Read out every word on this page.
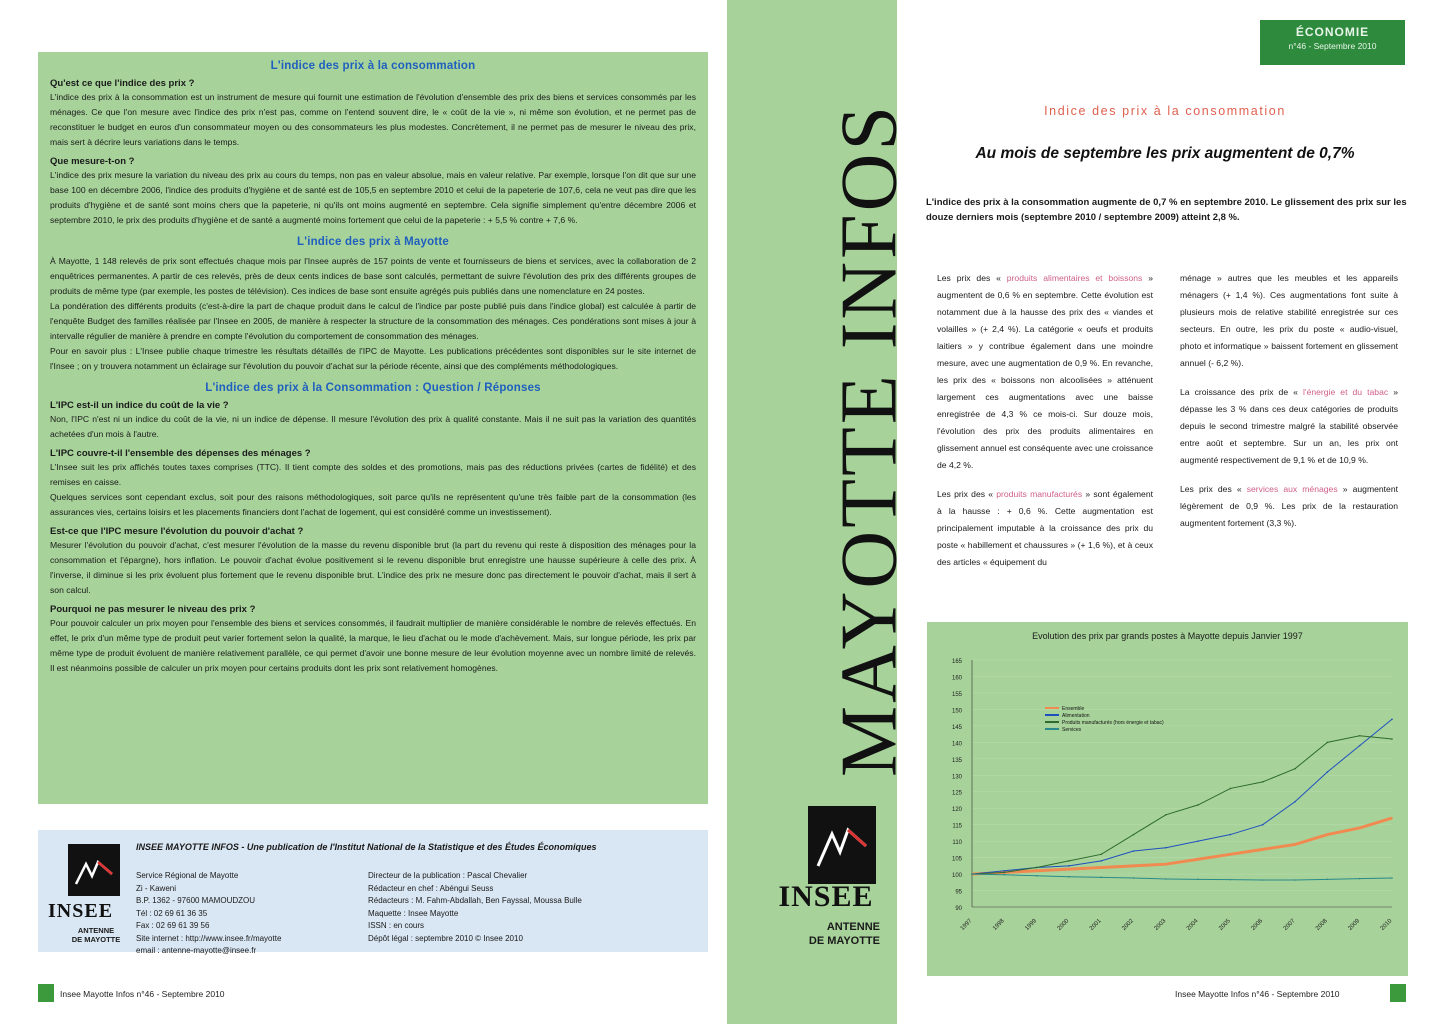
L'indice des prix à la consommation
Qu'est ce que l'indice des prix ?

L'indice des prix à la consommation est un instrument de mesure qui fournit une estimation de l'évolution d'ensemble des prix des biens et services consommés par les ménages. Ce que l'on mesure avec l'indice des prix n'est pas, comme on l'entend souvent dire, le « coût de la vie », ni même son évolution, et ne permet pas de reconstituer le budget en euros d'un consommateur moyen ou des consommateurs les plus modestes. Concrètement, il ne permet pas de mesurer le niveau des prix, mais sert à décrire leurs variations dans le temps.

Que mesure-t-on ?

L'indice des prix mesure la variation du niveau des prix au cours du temps, non pas en valeur absolue, mais en valeur relative. Par exemple, lorsque l'on dit que sur une base 100 en décembre 2006, l'indice des produits d'hygiène et de santé est de 105,5 en septembre 2010 et celui de la papeterie de 107,6, cela ne veut pas dire que les produits d'hygiène et de santé sont moins chers que la papeterie, ni qu'ils ont moins augmenté en septembre. Cela signifie simplement qu'entre décembre 2006 et septembre 2010, le prix des produits d'hygiène et de santé a augmenté moins fortement que celui de la papeterie : + 5,5 % contre + 7,6 %.

L'indice des prix à Mayotte

À Mayotte, 1 148 relevés de prix sont effectués chaque mois par l'Insee auprès de 157 points de vente et fournisseurs de biens et services, avec la collaboration de 2 enquêtrices permanentes. A partir de ces relevés, près de deux cents indices de base sont calculés, permettant de suivre l'évolution des prix des différents groupes de produits de même type (par exemple, les postes de télévision). Ces indices de base sont ensuite agrégés puis publiés dans une nomenclature en 24 postes.

La pondération des différents produits (c'est-à-dire la part de chaque produit dans le calcul de l'indice par poste publié puis dans l'indice global) est calculée à partir de l'enquête Budget des familles réalisée par l'Insee en 2005, de manière à respecter la structure de la consommation des ménages. Ces pondérations sont mises à jour à intervalle régulier de manière à prendre en compte l'évolution du comportement de consommation des ménages.

Pour en savoir plus : L'Insee publie chaque trimestre les résultats détaillés de l'IPC de Mayotte. Les publications précédentes sont disponibles sur le site internet de l'Insee ; on y trouvera notamment un éclairage sur l'évolution du pouvoir d'achat sur la période récente, ainsi que des compléments méthodologiques.

L'indice des prix à la Consommation : Question / Réponses
L'IPC est-il un indice du coût de la vie ?

Non, l'IPC n'est ni un indice du coût de la vie, ni un indice de dépense. Il mesure l'évolution des prix à qualité constante. Mais il ne suit pas la variation des quantités achetées d'un mois à l'autre.

L'IPC couvre-t-il l'ensemble des dépenses des ménages ?

L'Insee suit les prix affichés toutes taxes comprises (TTC). Il tient compte des soldes et des promotions, mais pas des réductions privées (cartes de fidélité) et des remises en caisse.

Quelques services sont cependant exclus, soit pour des raisons méthodologiques, soit parce qu'ils ne représentent qu'une très faible part de la consommation (les assurances vies, certains loisirs et les placements financiers dont l'achat de logement, qui est considéré comme un investissement).

Est-ce que l'IPC mesure l'évolution du pouvoir d'achat ?

Mesurer l'évolution du pouvoir d'achat, c'est mesurer l'évolution de la masse du revenu disponible brut (la part du revenu qui reste à disposition des ménages pour la consommation et l'épargne), hors inflation. Le pouvoir d'achat évolue positivement si le revenu disponible brut enregistre une hausse supérieure à celle des prix. À l'inverse, il diminue si les prix évoluent plus fortement que le revenu disponible brut. L'indice des prix ne mesure donc pas directement le pouvoir d'achat, mais il sert à son calcul.

Pourquoi ne pas mesurer le niveau des prix ?

Pour pouvoir calculer un prix moyen pour l'ensemble des biens et services consommés, il faudrait multiplier de manière considérable le nombre de relevés effectués. En effet, le prix d'un même type de produit peut varier fortement selon la qualité, la marque, le lieu d'achat ou le mode d'achèvement. Mais, sur longue période, les prix par même type de produit évoluent de manière relativement parallèle, ce qui permet d'avoir une bonne mesure de leur évolution moyenne avec un nombre limité de relevés. Il est néanmoins possible de calculer un prix moyen pour certains produits dont les prix sont relativement homogènes.

INSEE MAYOTTE INFOS - Une publication de l'Institut National de la Statistique et des Études Économiques
INSEE
ANTENNE
DE MAYOTTE
Service Régional de Mayotte
Zi - Kaweni
B.P. 1362 - 97600 MAMOUDZOU
Tél : 02 69 61 36 35
Fax : 02 69 61 39 56
Site internet : http://www.insee.fr/mayotte
email : antenne-mayotte@insee.fr
Directeur de la publication : Pascal Chevalier
Rédacteur en chef : Abéngui Seuss
Rédacteurs : M. Fahm-Abdallah, Ben Fayssal, Moussa Bulle
Maquette : Insee Mayotte
ISSN : en cours
Dépôt légal : septembre 2010 © Insee 2010
Insee Mayotte Infos n°46 - Septembre 2010
MAYOTTE INFOS
INSEE
ANTENNE
DE MAYOTTE
ÉCONOMIE
n°46 - Septembre 2010
Indice des prix à la consommation
Au mois de septembre les prix augmentent de 0,7%
L'indice des prix à la consommation augmente de 0,7 % en septembre 2010. Le glissement des prix sur les douze derniers mois (septembre 2010 / septembre 2009) atteint 2,8 %.

Les prix des « produits alimentaires et boissons » augmentent de 0,6 % en septembre. Cette évolution est notamment due à la hausse des prix des « viandes et volailles » (+ 2,4 %). La catégorie « oeufs et produits laitiers » y contribue également dans une moindre mesure, avec une augmentation de 0,9 %. En revanche, les prix des « boissons non alcoolisées » atténuent largement ces augmentations avec une baisse enregistrée de 4,3 % ce mois-ci. Sur douze mois, l'évolution des prix des produits alimentaires en glissement annuel est conséquente avec une croissance de 4,2 %.

Les prix des « produits manufacturés » sont également à la hausse : + 0,6 %. Cette augmentation est principalement imputable à la croissance des prix du poste « habillement et chaussures » (+ 1,6 %), et à ceux des articles « équipement du

ménage » autres que les meubles et les appareils ménagers (+ 1,4 %). Ces augmentations font suite à plusieurs mois de relative stabilité enregistrée sur ces secteurs. En outre, les prix du poste « audio-visuel, photo et informatique » baissent fortement en glissement annuel (- 6,2 %).

La croissance des prix de « l'énergie et du tabac » dépasse les 3 % dans ces deux catégories de produits depuis le second trimestre malgré la stabilité observée entre août et septembre. Sur un an, les prix ont augmenté respectivement de 9,1 % et de 10,9 %.

Les prix des « services aux ménages » augmentent légèrement de 0,9 %. Les prix de la restauration augmentent fortement (3,3 %).

Evolution des prix par grands postes à Mayotte depuis Janvier 1997
165
160
155
150
145
140
135
130
125
120
115
110
105
100
95
90
1997	1998	1999	2000	2001	2002	2003	2004	2005	2006	2007	2008	2009	2010
Ensemble
Alimentation
Produits manufacturés (hors énergie et tabac)
Services
Insee Mayotte Infos n°46 - Septembre 2010
